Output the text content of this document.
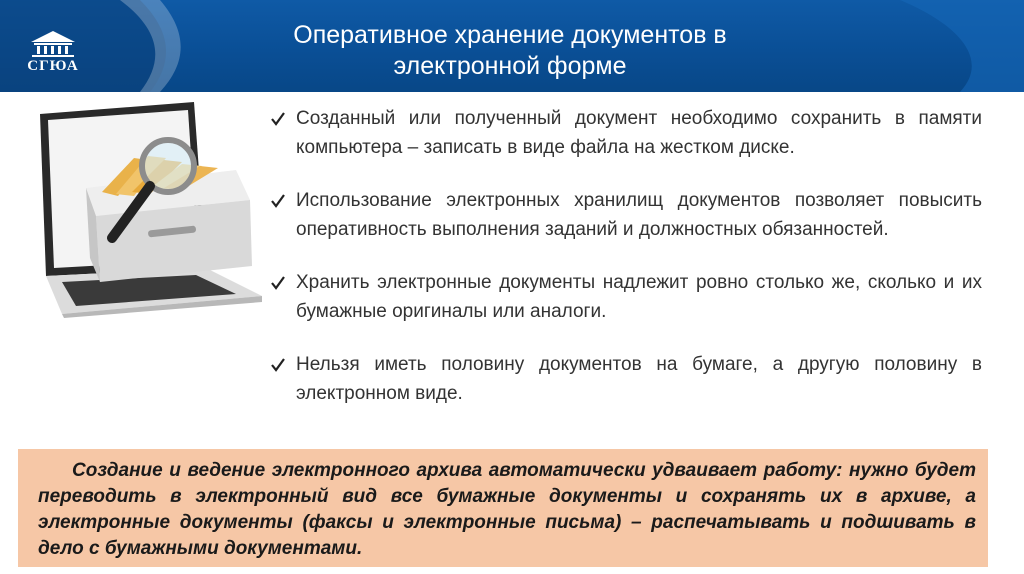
СГЮА
Оперативное хранение документов в
электронной форме
Созданный или полученный документ необходимо сохранить в памяти компьютера – записать в виде файла на жестком диске.
Использование электронных хранилищ документов позволяет повысить оперативность выполнения заданий и должностных обязанностей.
Хранить электронные документы надлежит ровно столько же, сколько и их бумажные оригиналы или аналоги.
Нельзя иметь половину документов на бумаге, а другую половину в электронном виде.

Создание и ведение электронного архива автоматически удваивает работу: нужно будет переводить в электронный вид все бумажные документы и сохранять их в архиве, а электронные документы (факсы и электронные письма) – распечатывать и подшивать в дело с бумажными документами.
